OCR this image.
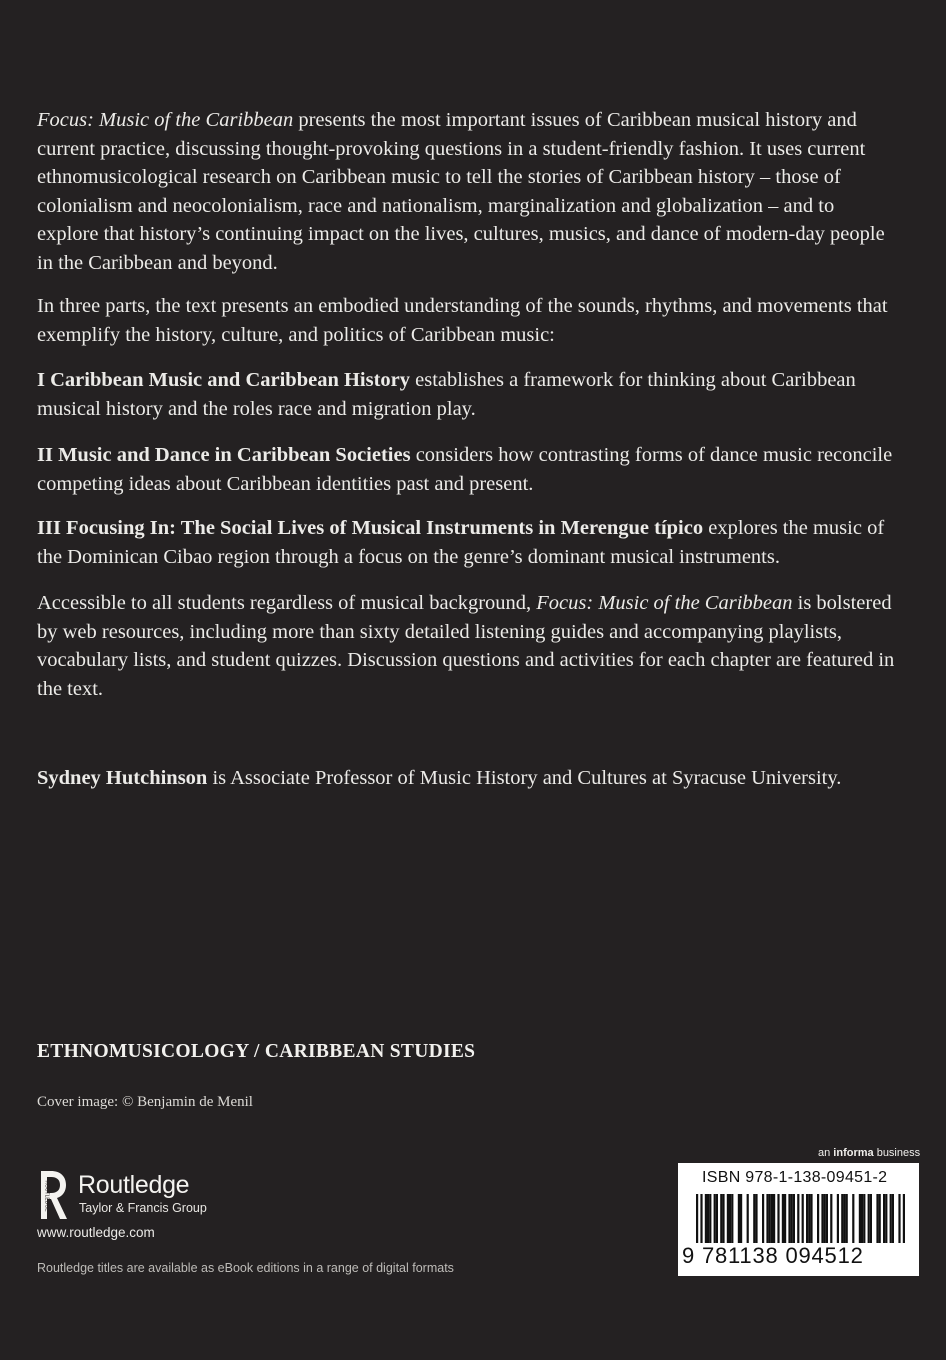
Focus: Music of the Caribbean presents the most important issues of Caribbean musical history and current practice, discussing thought-provoking questions in a student-friendly fashion. It uses current ethnomusicological research on Caribbean music to tell the stories of Caribbean history – those of colonialism and neocolonialism, race and nationalism, marginalization and globalization – and to explore that history’s continuing impact on the lives, cultures, musics, and dance of modern-day people in the Caribbean and beyond.

In three parts, the text presents an embodied understanding of the sounds, rhythms, and movements that exemplify the history, culture, and politics of Caribbean music:

I Caribbean Music and Caribbean History establishes a framework for thinking about Caribbean musical history and the roles race and migration play.

II Music and Dance in Caribbean Societies considers how contrasting forms of dance music reconcile competing ideas about Caribbean identities past and present.

III Focusing In: The Social Lives of Musical Instruments in Merengue típico explores the music of the Dominican Cibao region through a focus on the genre’s dominant musical instruments.

Accessible to all students regardless of musical background, Focus: Music of the Caribbean is bolstered by web resources, including more than sixty detailed listening guides and accompanying playlists, vocabulary lists, and student quizzes. Discussion questions and activities for each chapter are featured in the text.

Sydney Hutchinson is Associate Professor of Music History and Cultures at Syracuse University.

ETHNOMUSICOLOGY / CARIBBEAN STUDIES

Cover image: © Benjamin de Menil

ROUTLEDGE Routledge
Taylor & Francis Group
www.routledge.com
Routledge titles are available as eBook editions in a range of digital formats
an informa business
ISBN 978-1-138-09451-2
9 781138 094512
